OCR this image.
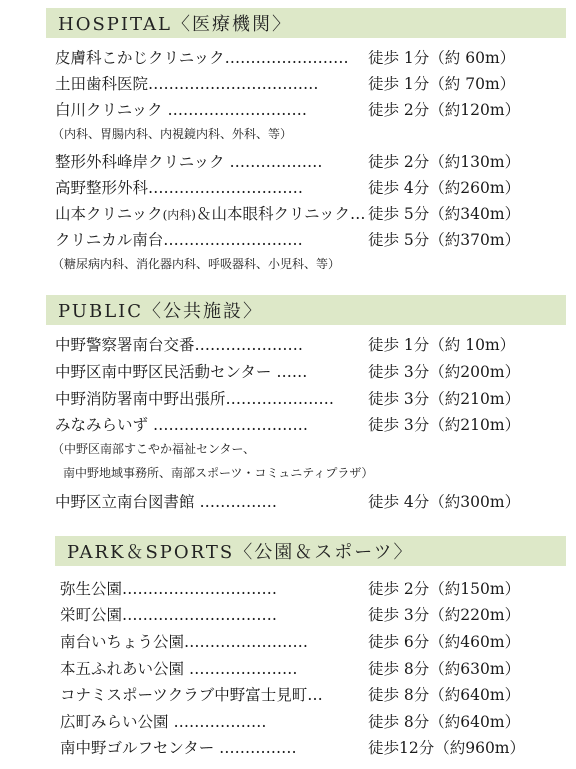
HOSPITAL〈医療機関〉
皮膚科こかじクリニック…………………… 徒歩 1分（約 60m）
土田歯科医院……………………………	徒歩 1分（約 70m）
白川クリニック ………………………	徒歩 2分（約120m）
（内科、胃腸内科、内視鏡内科、外科、等）
整形外科峰岸クリニック ………………	徒歩 2分（約130m）
高野整形外科…………………………	徒歩 4分（約260m）
山本クリニック(内科)＆山本眼科クリニック… 徒歩 5分（約340m）
クリニカル南台………………………	徒歩 5分（約370m）
（糖尿病内科、消化器内科、呼吸器科、小児科、等）
PUBLIC〈公共施設〉
中野警察署南台交番…………………	徒歩 1分（約 10m）
中野区南中野区民活動センター ……	徒歩 3分（約200m）
中野消防署南中野出張所………………… 徒歩 3分（約210m）
みなみらいず …………………………	徒歩 3分（約210m）
（中野区南部すこやか福祉センター、
南中野地域事務所、南部スポーツ・コミュニティプラザ）
中野区立南台図書館 ……………	徒歩 4分（約300m）
PARK＆SPORTS〈公園＆スポーツ〉
弥生公園…………………………	徒歩 2分（約150m）
栄町公園…………………………	徒歩 3分（約220m）
南台いちょう公園……………………	徒歩 6分（約460m）
本五ふれあい公園 …………………	徒歩 8分（約630m）
コナミスポーツクラブ中野富士見町…	徒歩 8分（約640m）
広町みらい公園 ………………	徒歩 8分（約640m）
南中野ゴルフセンター ……………	徒歩12分（約960m）
